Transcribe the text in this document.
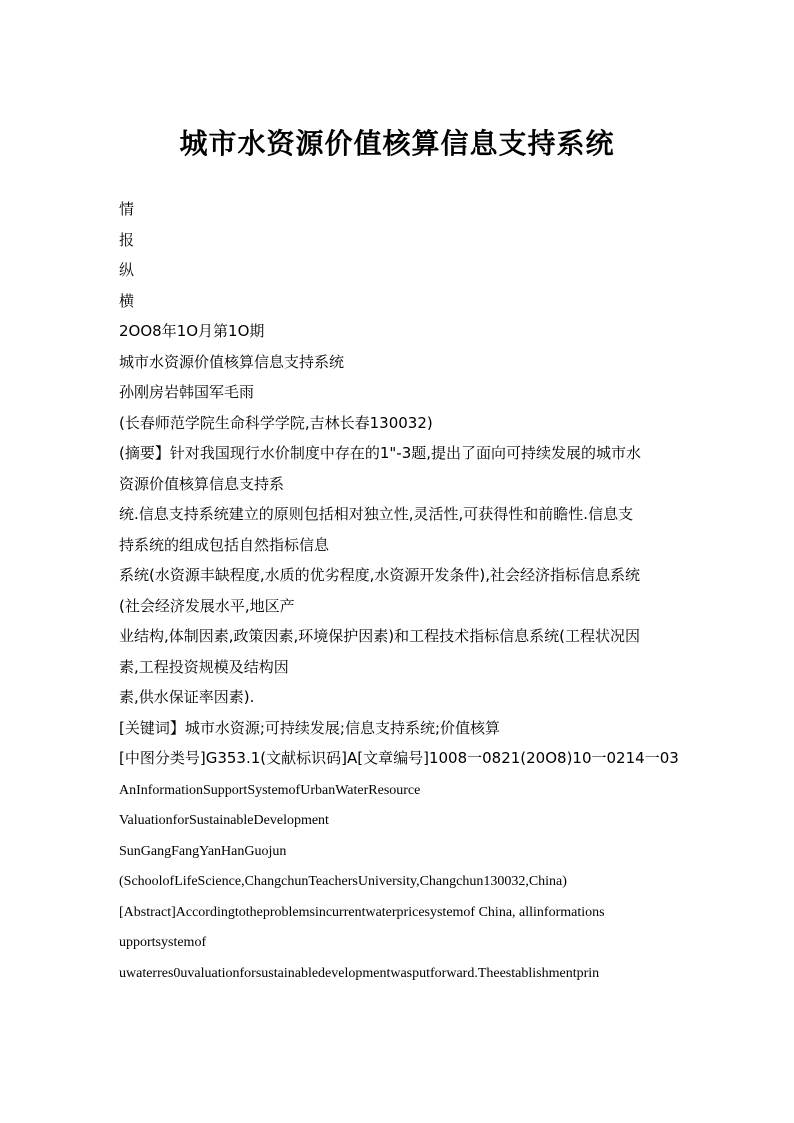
城市水资源价值核算信息支持系统
情
报
纵
横
2OO8年1O月第1O期
城市水资源价值核算信息支持系统
孙刚房岩韩国军毛雨
(长春师范学院生命科学学院,吉林长春130032)
(摘要】针对我国现行水价制度中存在的1"-3题,提出了面向可持续发展的城市水
资源价值核算信息支持系
统.信息支持系统建立的原则包括相对独立性,灵活性,可获得性和前瞻性.信息支
持系统的组成包括自然指标信息
系统(水资源丰缺程度,水质的优劣程度,水资源开发条件),社会经济指标信息系统
(社会经济发展水平,地区产
业结构,体制因素,政策因素,环境保护因素)和工程技术指标信息系统(工程状况因
素,工程投资规模及结构因
素,供水保证率因素).
[关键词】城市水资源;可持续发展;信息支持系统;价值核算
[中图分类号]G353.1(文献标识码]A[文章编号]1008一0821(20O8)10一0214一03
AnInformationSupportSystemofUrbanWaterResource
ValuationforSustainableDevelopment
SunGangFangYanHanGuojun
(SchoolofLifeScience,ChangchunTeachersUniversity,Changchun130032,China)
[Abstract]Accordingtotheproblemsincurrentwaterpricesystemof China, allinformations
upportsystemof
uwaterres0uvaluationforsustainabledevelopmentwasputforward.Theestablishmentprin
